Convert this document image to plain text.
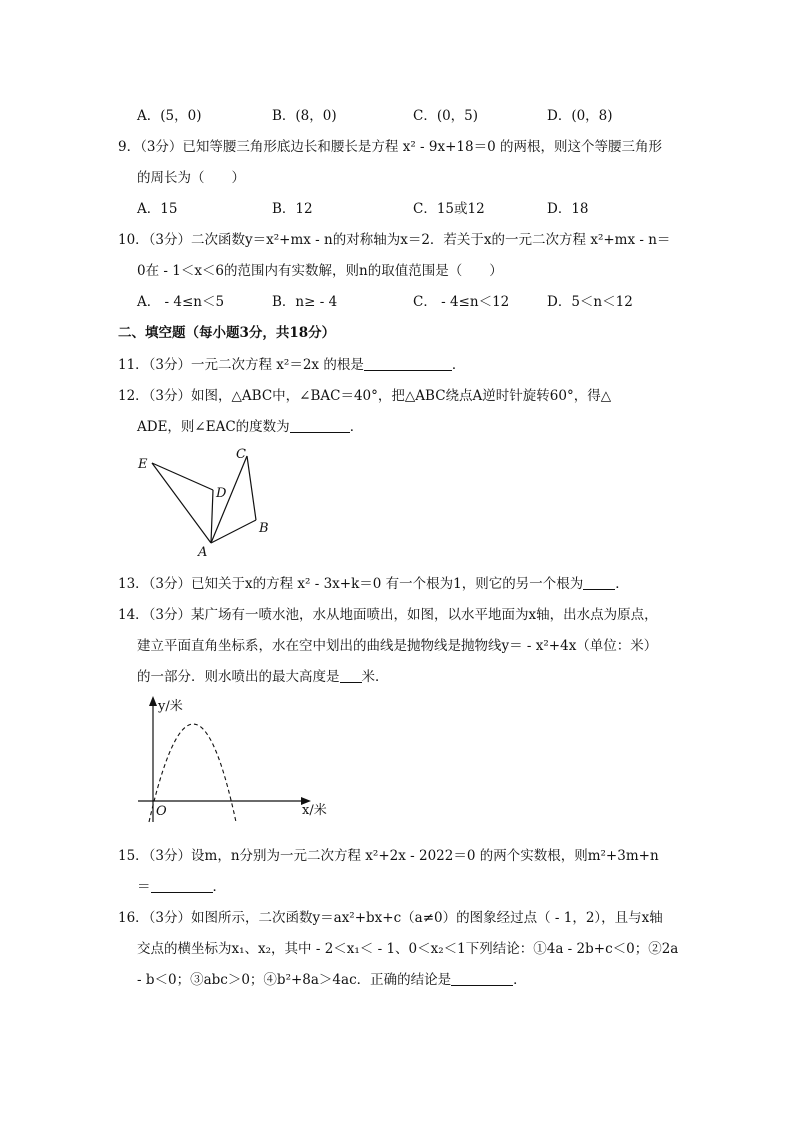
A．(5，0)	B．(8，0)	C．(0，5)	D．(0，8)
9．（3分）已知等腰三角形底边长和腰长是方程 x² - 9x+18＝0 的两根，则这个等腰三角形
的周长为（　　）
A．15	B．12	C．15或12	D．18
10．（3分）二次函数y＝x²+mx - n的对称轴为x＝2．若关于x的一元二次方程 x²+mx - n＝
0在 - 1＜x＜6的范围内有实数解，则n的取值范围是（　　）
A． - 4≤n＜5	B．n≥ - 4	C． - 4≤n＜12	D．5＜n＜12
二、填空题（每小题3分，共18分）
11．（3分）一元二次方程 x²＝2x 的根是	．
12．（3分）如图，△ABC中，∠BAC＝40°，把△ABC绕点A逆时针旋转60°，得△
ADE，则∠EAC的度数为	．
E
C
D
B
A
y/米
x/米
O
13．（3分）已知关于x的方程 x² - 3x+k＝0 有一个根为1，则它的另一个根为 ．
14．（3分）某广场有一喷水池，水从地面喷出，如图，以水平地面为x轴，出水点为原点，
建立平面直角坐标系，水在空中划出的曲线是抛物线是抛物线y＝ - x²+4x（单位：米）
的一部分．则水喷出的最大高度是 米．
15．（3分）设m，n分别为一元二次方程 x²+2x - 2022＝0 的两个实数根，则m²+3m+n
＝	．
16．（3分）如图所示，二次函数y＝ax²+bx+c（a≠0）的图象经过点（ - 1，2），且与x轴
交点的横坐标为x₁、x₂，其中 - 2＜x₁＜ - 1、0＜x₂＜1下列结论：①4a - 2b+c＜0；②2a
- b＜0；③abc＞0；④b²+8a＞4ac．正确的结论是	．
